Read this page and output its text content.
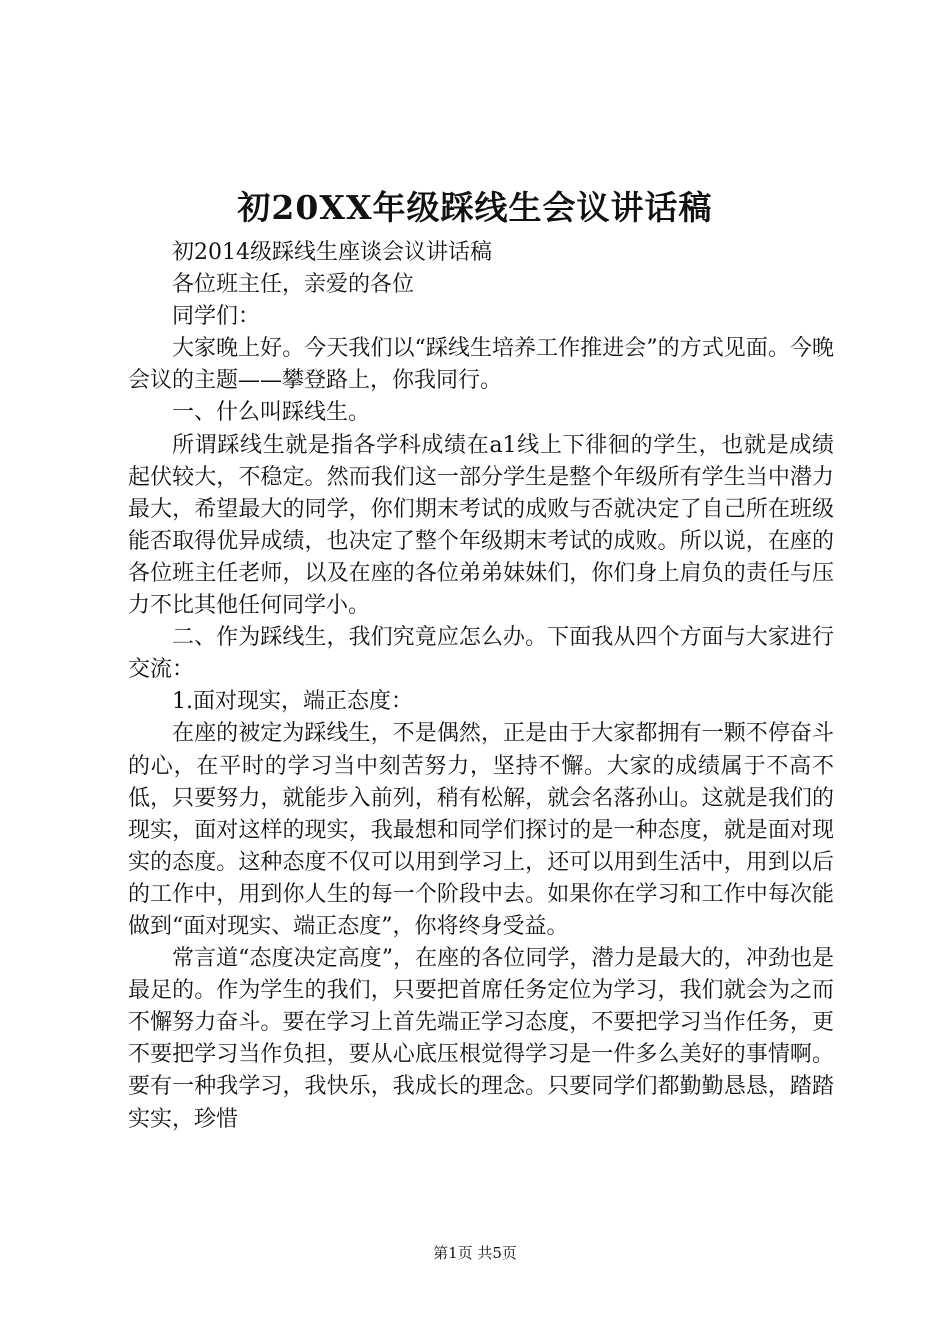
初20XX年级踩线生会议讲话稿

初2014级踩线生座谈会议讲话稿

各位班主任，亲爱的各位

同学们：

大家晚上好。今天我们以“踩线生培养工作推进会”的方式见面。今晚会议的主题——攀登路上，你我同行。

一、什么叫踩线生。

所谓踩线生就是指各学科成绩在a1线上下徘徊的学生，也就是成绩起伏较大，不稳定。然而我们这一部分学生是整个年级所有学生当中潜力最大，希望最大的同学，你们期末考试的成败与否就决定了自己所在班级能否取得优异成绩，也决定了整个年级期末考试的成败。所以说，在座的各位班主任老师，以及在座的各位弟弟妹妹们，你们身上肩负的责任与压力不比其他任何同学小。

二、作为踩线生，我们究竟应怎么办。下面我从四个方面与大家进行交流：

1.面对现实，端正态度：

在座的被定为踩线生，不是偶然，正是由于大家都拥有一颗不停奋斗的心，在平时的学习当中刻苦努力，坚持不懈。大家的成绩属于不高不低，只要努力，就能步入前列，稍有松解，就会名落孙山。这就是我们的现实，面对这样的现实，我最想和同学们探讨的是一种态度，就是面对现实的态度。这种态度不仅可以用到学习上，还可以用到生活中，用到以后的工作中，用到你人生的每一个阶段中去。如果你在学习和工作中每次能做到“面对现实、端正态度”，你将终身受益。

常言道“态度决定高度”，在座的各位同学，潜力是最大的，冲劲也是最足的。作为学生的我们，只要把首席任务定位为学习，我们就会为之而不懈努力奋斗。要在学习上首先端正学习态度，不要把学习当作任务，更不要把学习当作负担，要从心底压根觉得学习是一件多么美好的事情啊。要有一种我学习，我快乐，我成长的理念。只要同学们都勤勤恳恳，踏踏实实，珍惜

第1页 共5页
